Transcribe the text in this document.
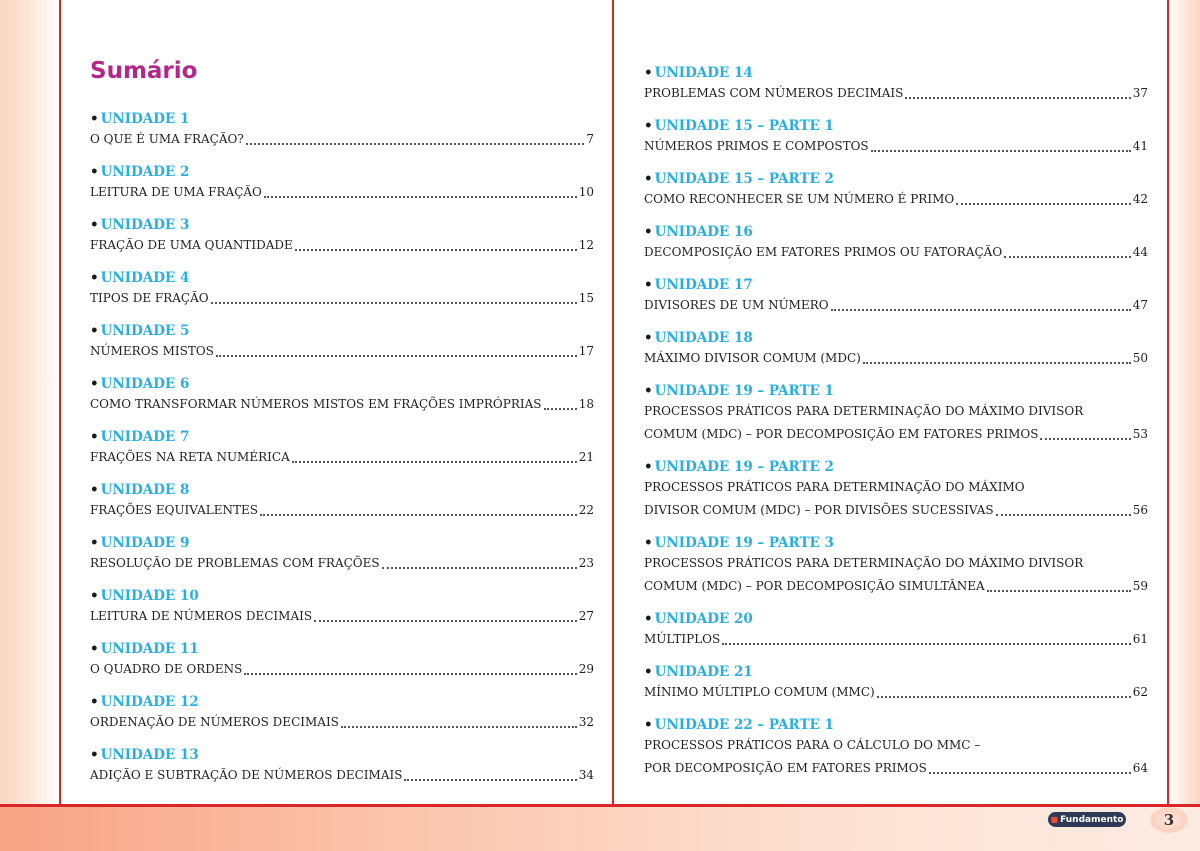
Sumário
• UNIDADE 1
O QUE É UMA FRAÇÃO?	7
• UNIDADE 2
LEITURA DE UMA FRAÇÃO	10
• UNIDADE 3
FRAÇÃO DE UMA QUANTIDADE	12
• UNIDADE 4
TIPOS DE FRAÇÃO	15
• UNIDADE 5
NÚMEROS MISTOS	17
• UNIDADE 6
COMO TRANSFORMAR NÚMEROS MISTOS EM FRAÇÕES IMPRÓPRIAS	18
• UNIDADE 7
FRAÇÕES NA RETA NUMÉRICA	21
• UNIDADE 8
FRAÇÕES EQUIVALENTES	22
• UNIDADE 9
RESOLUÇÃO DE PROBLEMAS COM FRAÇÕES	23
• UNIDADE 10
LEITURA DE NÚMEROS DECIMAIS	27
• UNIDADE 11
O QUADRO DE ORDENS	29
• UNIDADE 12
ORDENAÇÃO DE NÚMEROS DECIMAIS	32
• UNIDADE 13
ADIÇÃO E SUBTRAÇÃO DE NÚMEROS DECIMAIS	34
• UNIDADE 14
PROBLEMAS COM NÚMEROS DECIMAIS	37
• UNIDADE 15 – PARTE 1
NÚMEROS PRIMOS E COMPOSTOS	41
• UNIDADE 15 – PARTE 2
COMO RECONHECER SE UM NÚMERO É PRIMO	42
• UNIDADE 16
DECOMPOSIÇÃO EM FATORES PRIMOS OU FATORAÇÃO	44
• UNIDADE 17
DIVISORES DE UM NÚMERO	47
• UNIDADE 18
MÁXIMO DIVISOR COMUM (MDC)	50
• UNIDADE 19 – PARTE 1
PROCESSOS PRÁTICOS PARA DETERMINAÇÃO DO MÁXIMO DIVISOR
COMUM (MDC) – POR DECOMPOSIÇÃO EM FATORES PRIMOS	53
• UNIDADE 19 – PARTE 2
PROCESSOS PRÁTICOS PARA DETERMINAÇÃO DO MÁXIMO
DIVISOR COMUM (MDC) – POR DIVISÕES SUCESSIVAS	56
• UNIDADE 19 – PARTE 3
PROCESSOS PRÁTICOS PARA DETERMINAÇÃO DO MÁXIMO DIVISOR
COMUM (MDC) – POR DECOMPOSIÇÃO SIMULTÂNEA	59
• UNIDADE 20
MÚLTIPLOS	61
• UNIDADE 21
MÍNIMO MÚLTIPLO COMUM (MMC)	62
• UNIDADE 22 – PARTE 1
PROCESSOS PRÁTICOS PARA O CÁLCULO DO MMC –
POR DECOMPOSIÇÃO EM FATORES PRIMOS	64
■ Fundamento	3
